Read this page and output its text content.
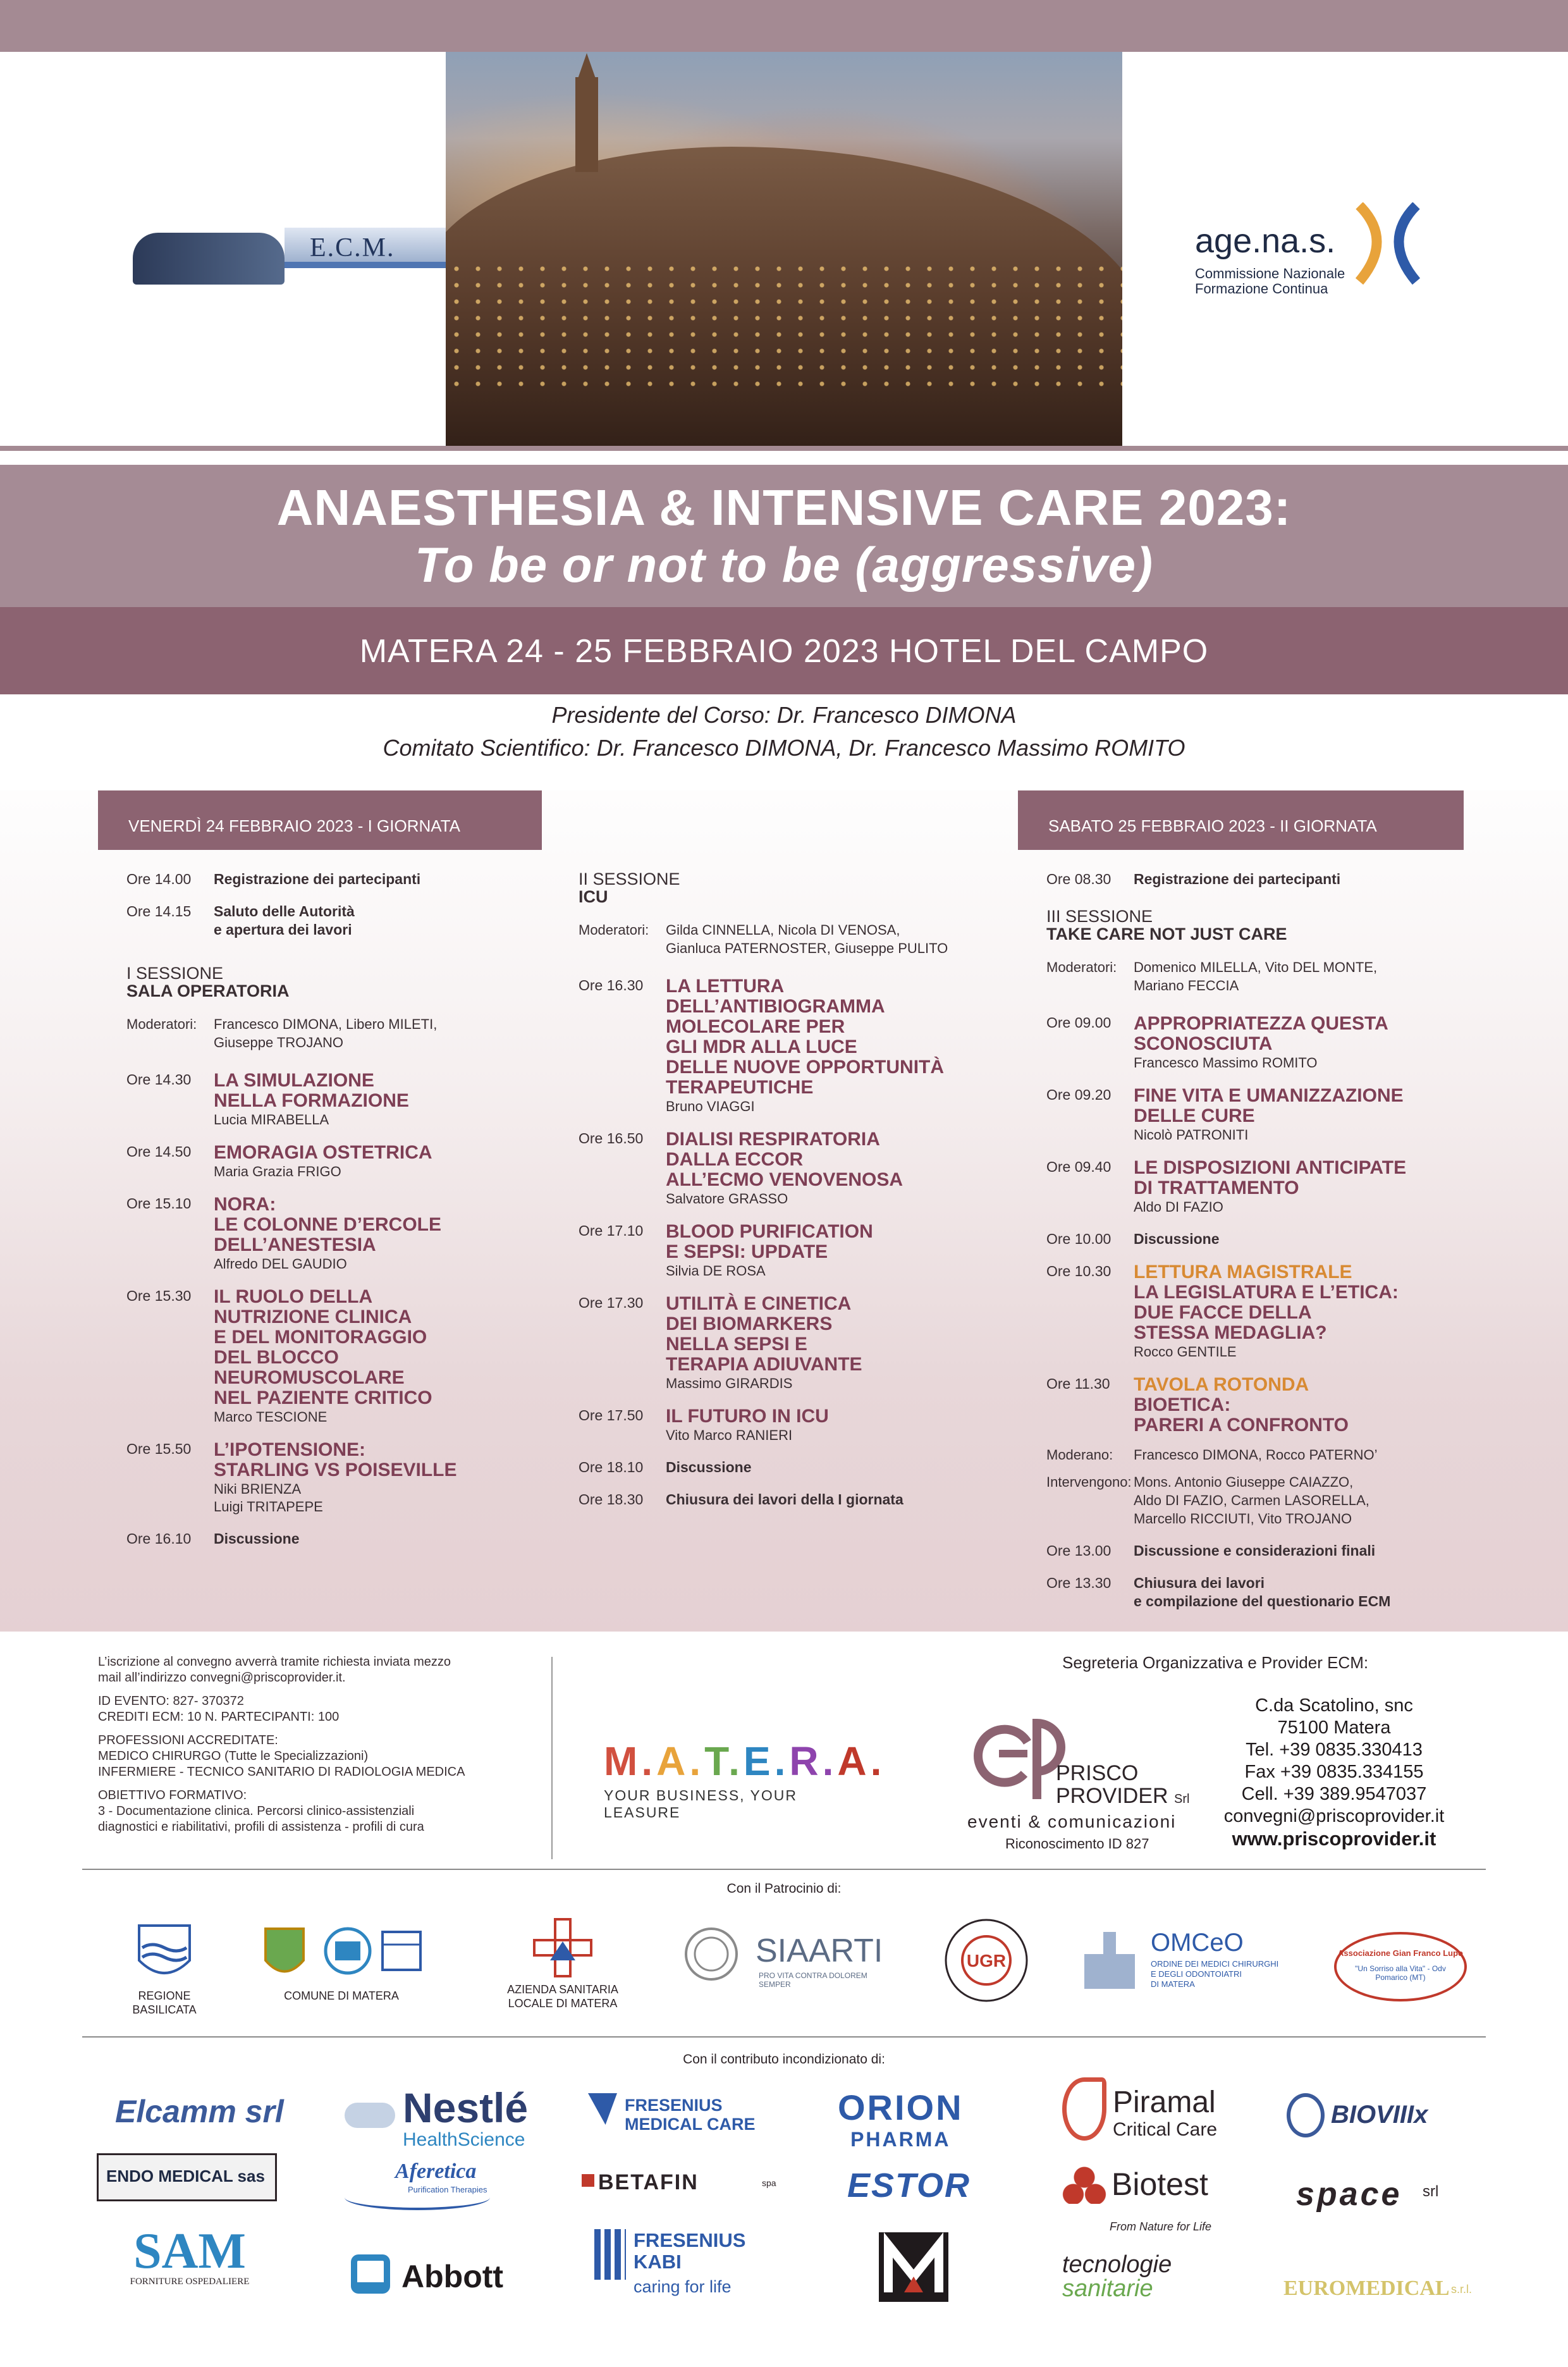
E.C.M.	age.na.s.
Commissione Nazionale
Formazione Continua
ANAESTHESIA & INTENSIVE CARE 2023:
To be or not to be (aggressive)
MATERA 24 - 25 FEBBRAIO 2023 HOTEL DEL CAMPO
Presidente del Corso: Dr. Francesco DIMONA
Comitato Scientifico: Dr. Francesco DIMONA, Dr. Francesco Massimo ROMITO
VENERDÌ 24 FEBBRAIO 2023 - I GIORNATA	SABATO 25 FEBBRAIO 2023 - II GIORNATA
Ore 14.00 Registrazione dei partecipanti
Ore 14.15 Saluto delle Autorità
e apertura dei lavori
I SESSIONE
SALA OPERATORIA
Moderatori: Francesco DIMONA, Libero MILETI,
Giuseppe TROJANO
Ore 14.30 LA SIMULAZIONE
NELLA FORMAZIONE
Lucia MIRABELLA
Ore 14.50 EMORAGIA OSTETRICA
Maria Grazia FRIGO
Ore 15.10 NORA:
LE COLONNE D’ERCOLE
DELL’ANESTESIA
Alfredo DEL GAUDIO
Ore 15.30 IL RUOLO DELLA
NUTRIZIONE CLINICA
E DEL MONITORAGGIO
DEL BLOCCO
NEUROMUSCOLARE
NEL PAZIENTE CRITICO
Marco TESCIONE
Ore 15.50 L’IPOTENSIONE:
STARLING VS POISEVILLE
Niki BRIENZA
Luigi TRITAPEPE
Ore 16.10 Discussione
II SESSIONE
ICU
Moderatori: Gilda CINNELLA, Nicola DI VENOSA,
Gianluca PATERNOSTER, Giuseppe PULITO
Ore 16.30 LA LETTURA
DELL’ANTIBIOGRAMMA
MOLECOLARE PER
GLI MDR ALLA LUCE
DELLE NUOVE OPPORTUNITÀ
TERAPEUTICHE
Bruno VIAGGI
Ore 16.50 DIALISI RESPIRATORIA
DALLA ECCOR
ALL’ECMO VENOVENOSA
Salvatore GRASSO
Ore 17.10 BLOOD PURIFICATION
E SEPSI: UPDATE
Silvia DE ROSA
Ore 17.30 UTILITÀ E CINETICA
DEI BIOMARKERS
NELLA SEPSI E
TERAPIA ADIUVANTE
Massimo GIRARDIS
Ore 17.50 IL FUTURO IN ICU
Vito Marco RANIERI
Ore 18.10 Discussione
Ore 18.30 Chiusura dei lavori della I giornata
Ore 08.30 Registrazione dei partecipanti
III SESSIONE
TAKE CARE NOT JUST CARE
Moderatori: Domenico MILELLA, Vito DEL MONTE,
Mariano FECCIA
Ore 09.00 APPROPRIATEZZA QUESTA
SCONOSCIUTA
Francesco Massimo ROMITO
Ore 09.20 FINE VITA E UMANIZZAZIONE
DELLE CURE
Nicolò PATRONITI
Ore 09.40 LE DISPOSIZIONI ANTICIPATE
DI TRATTAMENTO
Aldo DI FAZIO
Ore 10.00 Discussione
Ore 10.30 LETTURA MAGISTRALE
LA LEGISLATURA E L’ETICA:
DUE FACCE DELLA
STESSA MEDAGLIA?
Rocco GENTILE
Ore 11.30 TAVOLA ROTONDA
BIOETICA:
PARERI A CONFRONTO
Moderano: Francesco DIMONA, Rocco PATERNO’
Intervengono: Mons. Antonio Giuseppe CAIAZZO,
Aldo DI FAZIO, Carmen LASORELLA,
Marcello RICCIUTI, Vito TROJANO
Ore 13.00 Discussione e considerazioni finali
Ore 13.30 Chiusura dei lavori
e compilazione del questionario ECM

L’iscrizione al convegno avverrà tramite richiesta inviata mezzo
mail all’indirizzo convegni@priscoprovider.it.

ID EVENTO: 827- 370372
CREDITI ECM: 10 N. PARTECIPANTI: 100

PROFESSIONI ACCREDITATE:
MEDICO CHIRURGO (Tutte le Specializzazioni)
INFERMIERE - TECNICO SANITARIO DI RADIOLOGIA MEDICA

OBIETTIVO FORMATIVO:
3 - Documentazione clinica. Percorsi clinico-assistenziali
diagnostici e riabilitativi, profili di assistenza - profili di cura

M.A.T.E.R.A.
YOUR BUSINESS, YOUR LEASURE
Segreteria Organizzativa e Provider ECM:
PRISCO
PROVIDER Srl
eventi & comunicazioni
Riconoscimento ID 827
C.da Scatolino, snc
75100 Matera
Tel. +39 0835.330413
Fax +39 0835.334155
Cell. +39 389.9547037
convegni@priscoprovider.it
www.priscoprovider.it
Con il Patrocinio di:
REGIONE BASILICATA
COMUNE DI MATERA	AZIENDA SANITARIA
LOCALE DI MATERA
SIAARTI
PRO VITA CONTRA DOLOREM SEMPER
UGR
OMCeO
ORDINE DEI MEDICI CHIRURGHI
E DEGLI ODONTOIATRI
DI MATERA
Associazione Gian Franco Lupo
"Un Sorriso alla Vita" - Odv
Pomarico (MT)
Con il contributo incondizionato di:
Elcamm srl	Nestlé
HealthScience
FRESENIUS
MEDICAL CARE ORION
PHARMA
Piramal
Critical Care
BIOVIIIx
ENDO MEDICAL sas	Aferetica
Purification Therapies	BETAFIN	spa ESTOR	Biotest
From Nature for Life
space srl
SAM
FORNITURE OSPEDALIERE	Abbott
FRESENIUS
KABI
caring for life
tecnologie
sanitarie	EUROMEDICAL s.r.l.
